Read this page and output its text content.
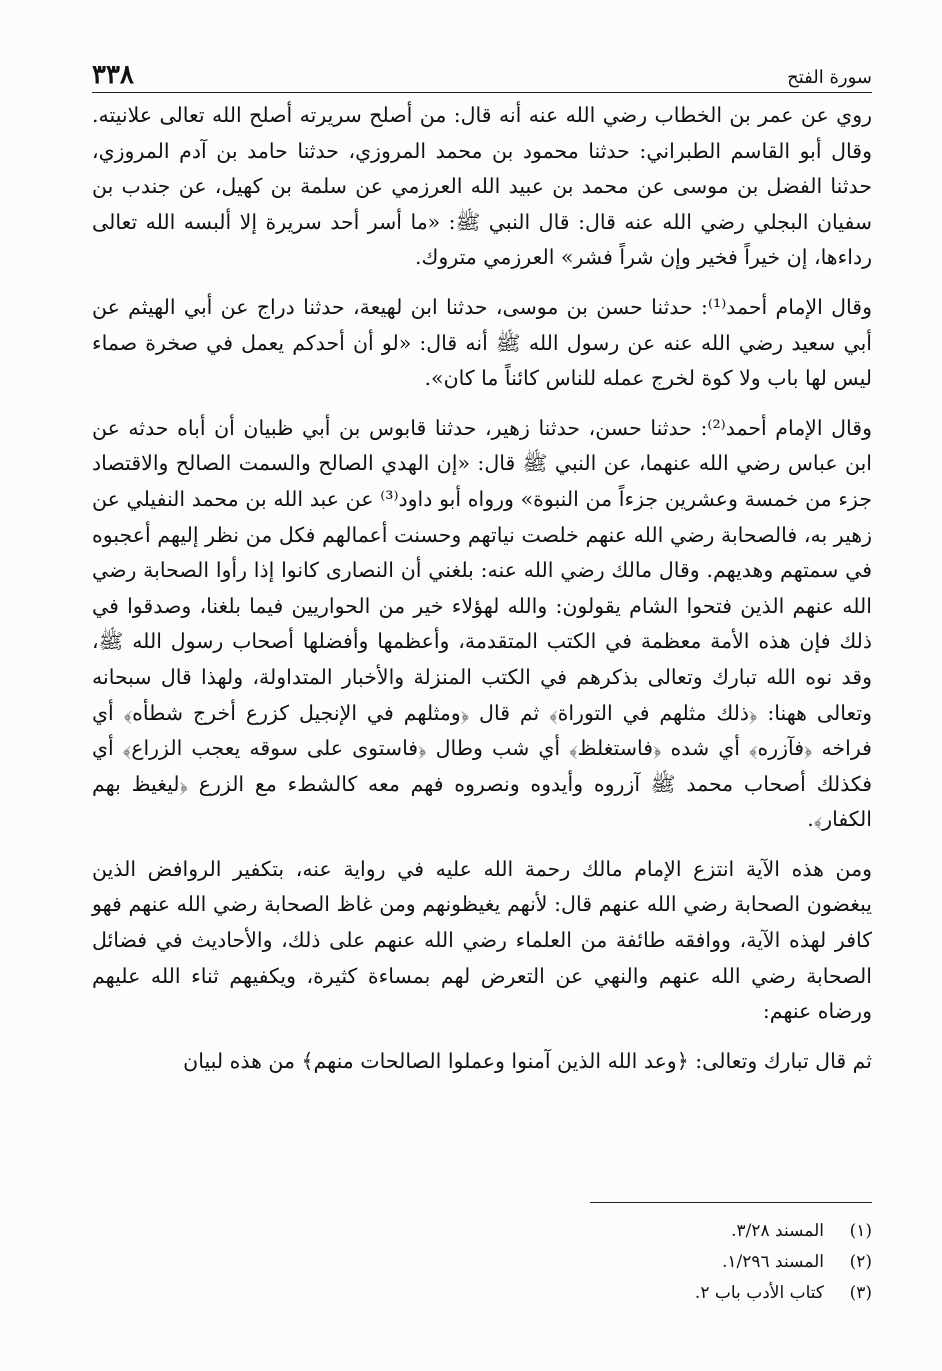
٣٣٨	سورة الفتح

روي عن عمر بن الخطاب رضي الله عنه أنه قال: من أصلح سريرته أصلح الله تعالى علانيته. وقال أبو القاسم الطبراني: حدثنا محمود بن محمد المروزي، حدثنا حامد بن آدم المروزي، حدثنا الفضل بن موسى عن محمد بن عبيد الله العرزمي عن سلمة بن كهيل، عن جندب بن سفيان البجلي رضي الله عنه قال: قال النبي ﷺ: «ما أسر أحد سريرة إلا ألبسه الله تعالى رداءها، إن خيراً فخير وإن شراً فشر» العرزمي متروك.

وقال الإمام أحمد⁽¹⁾: حدثنا حسن بن موسى، حدثنا ابن لهيعة، حدثنا دراج عن أبي الهيثم عن أبي سعيد رضي الله عنه عن رسول الله ﷺ أنه قال: «لو أن أحدكم يعمل في صخرة صماء ليس لها باب ولا كوة لخرج عمله للناس كائناً ما كان».

وقال الإمام أحمد⁽²⁾: حدثنا حسن، حدثنا زهير، حدثنا قابوس بن أبي ظبيان أن أباه حدثه عن ابن عباس رضي الله عنهما، عن النبي ﷺ قال: «إن الهدي الصالح والسمت الصالح والاقتصاد جزء من خمسة وعشرين جزءاً من النبوة» ورواه أبو داود⁽³⁾ عن عبد الله بن محمد النفيلي عن زهير به، فالصحابة رضي الله عنهم خلصت نياتهم وحسنت أعمالهم فكل من نظر إليهم أعجبوه في سمتهم وهديهم. وقال مالك رضي الله عنه: بلغني أن النصارى كانوا إذا رأوا الصحابة رضي الله عنهم الذين فتحوا الشام يقولون: والله لهؤلاء خير من الحواريين فيما بلغنا، وصدقوا في ذلك فإن هذه الأمة معظمة في الكتب المتقدمة، وأعظمها وأفضلها أصحاب رسول الله ﷺ، وقد نوه الله تبارك وتعالى بذكرهم في الكتب المنزلة والأخبار المتداولة، ولهذا قال سبحانه وتعالى ههنا: ﴿ذلك مثلهم في التوراة﴾ ثم قال ﴿ومثلهم في الإنجيل كزرع أخرج شطأه﴾ أي فراخه ﴿فآزره﴾ أي شده ﴿فاستغلظ﴾ أي شب وطال ﴿فاستوى على سوقه يعجب الزراع﴾ أي فكذلك أصحاب محمد ﷺ آزروه وأيدوه ونصروه فهم معه كالشطء مع الزرع ﴿ليغيظ بهم الكفار﴾.

ومن هذه الآية انتزع الإمام مالك رحمة الله عليه في رواية عنه، بتكفير الروافض الذين يبغضون الصحابة رضي الله عنهم قال: لأنهم يغيظونهم ومن غاظ الصحابة رضي الله عنهم فهو كافر لهذه الآية، ووافقه طائفة من العلماء رضي الله عنهم على ذلك، والأحاديث في فضائل الصحابة رضي الله عنهم والنهي عن التعرض لهم بمساءة كثيرة، ويكفيهم ثناء الله عليهم ورضاه عنهم:

ثم قال تبارك وتعالى: ﴿وعد الله الذين آمنوا وعملوا الصالحات منهم﴾ من هذه لبيان

(١)
المسند ٣/٢٨.
(٢)
المسند ١/٢٩٦.
(٣)
كتاب الأدب باب ٢.
